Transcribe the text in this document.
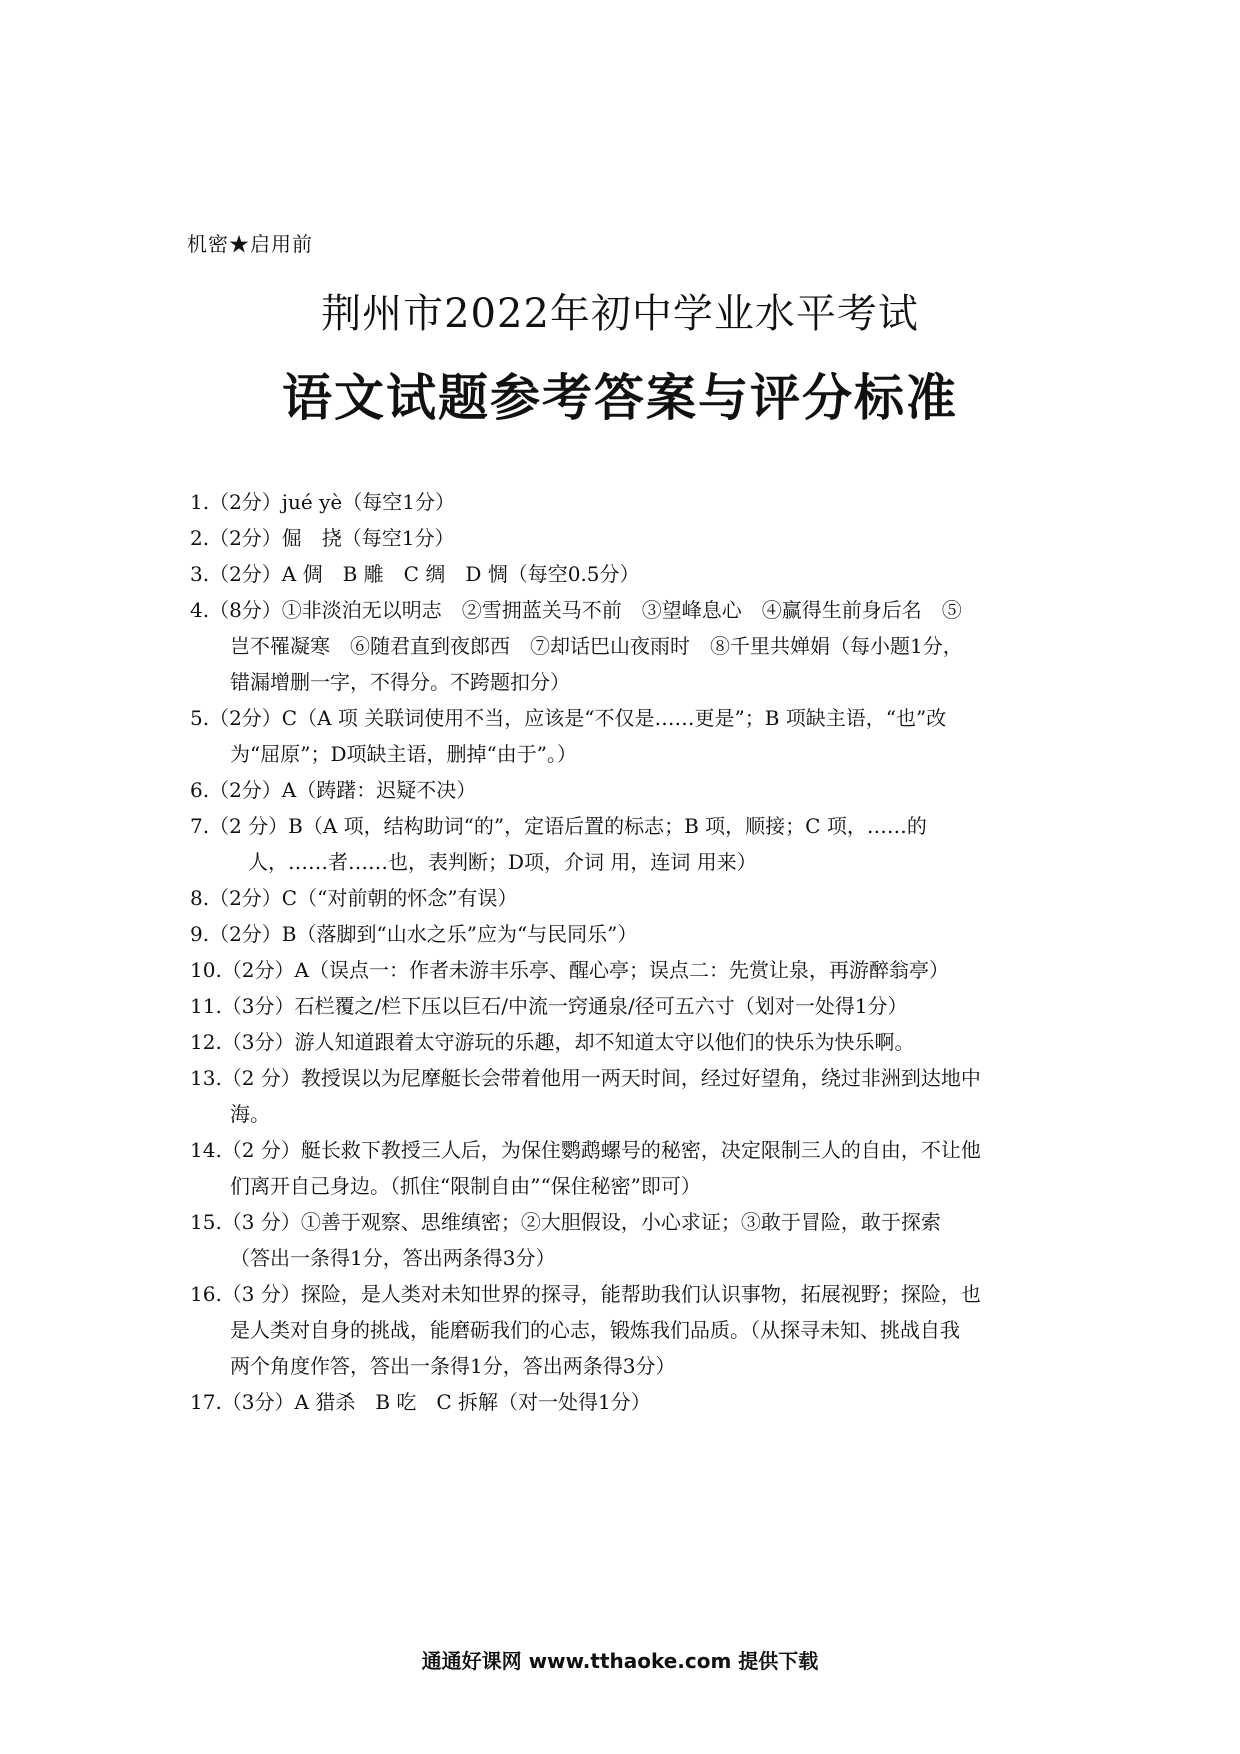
机密★启用前
荆州市2022年初中学业水平考试
语文试题参考答案与评分标准
1.（2分）jué yè（每空1分）
2.（2分）倔　挠（每空1分）
3.（2分）A 倜　B 雕　C 绸　D 惆（每空0.5分）
4.（8分）①非淡泊无以明志　②雪拥蓝关马不前　③望峰息心　④赢得生前身后名　⑤
岂不罹凝寒　⑥随君直到夜郎西　⑦却话巴山夜雨时　⑧千里共婵娟（每小题1分，
错漏增删一字，不得分。不跨题扣分）
5.（2分）C（A 项 关联词使用不当，应该是“不仅是……更是”；B 项缺主语，“也”改
为“屈原”；D项缺主语，删掉“由于”。）
6.（2分）A（踌躇：迟疑不决）
7.（2 分）B（A 项，结构助词“的”，定语后置的标志；B 项，顺接；C 项，……的
人，……者……也，表判断；D项，介词 用，连词 用来）
8.（2分）C（“对前朝的怀念”有误）
9.（2分）B（落脚到“山水之乐”应为“与民同乐”）
10.（2分）A（误点一：作者未游丰乐亭、醒心亭；误点二：先赏让泉，再游醉翁亭）
11.（3分）石栏覆之/栏下压以巨石/中流一窍通泉/径可五六寸（划对一处得1分）
12.（3分）游人知道跟着太守游玩的乐趣，却不知道太守以他们的快乐为快乐啊。
13.（2 分）教授误以为尼摩艇长会带着他用一两天时间，经过好望角，绕过非洲到达地中
海。
14.（2 分）艇长救下教授三人后，为保住鹦鹉螺号的秘密，决定限制三人的自由，不让他
们离开自己身边。（抓住“限制自由”“保住秘密”即可）
15.（3 分）①善于观察、思维缜密；②大胆假设，小心求证；③敢于冒险，敢于探索
（答出一条得1分，答出两条得3分）
16.（3 分）探险，是人类对未知世界的探寻，能帮助我们认识事物，拓展视野；探险，也
是人类对自身的挑战，能磨砺我们的心志，锻炼我们品质。（从探寻未知、挑战自我
两个角度作答，答出一条得1分，答出两条得3分）
17.（3分）A 猎杀　B 吃　C 拆解（对一处得1分）
通通好课网 www.tthaoke.com 提供下载
